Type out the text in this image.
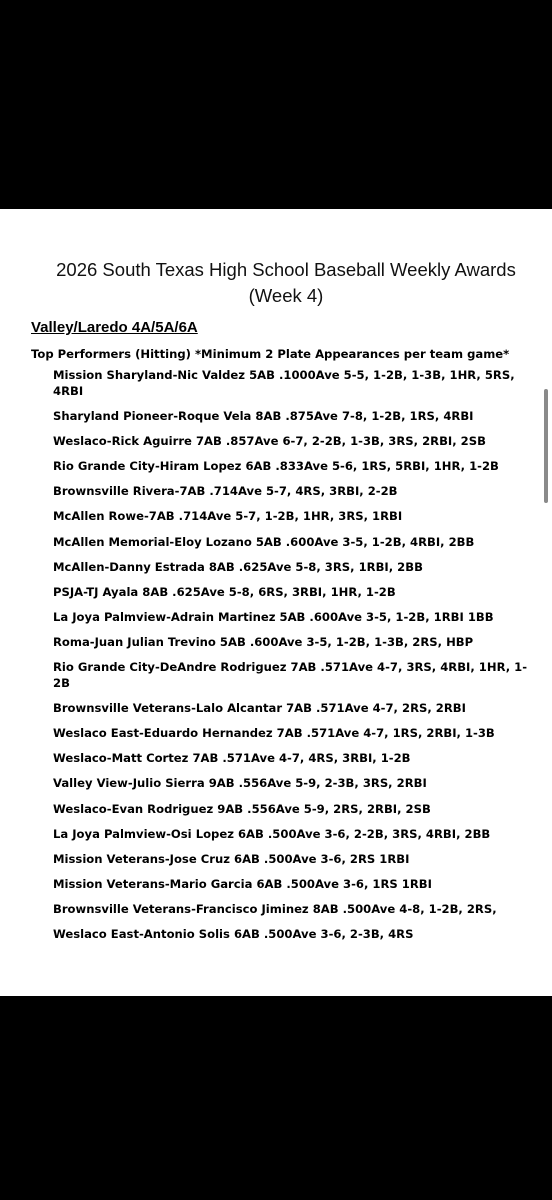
2026 South Texas High School Baseball Weekly Awards
(Week 4)
Valley/Laredo 4A/5A/6A
Top Performers (Hitting) *Minimum 2 Plate Appearances per team game*
Mission Sharyland-Nic Valdez 5AB .1000Ave 5-5, 1-2B, 1-3B, 1HR, 5RS, 4RBI
Sharyland Pioneer-Roque Vela 8AB .875Ave 7-8, 1-2B, 1RS, 4RBI
Weslaco-Rick Aguirre 7AB .857Ave 6-7, 2-2B, 1-3B, 3RS, 2RBI, 2SB
Rio Grande City-Hiram Lopez 6AB .833Ave 5-6, 1RS, 5RBI, 1HR, 1-2B
Brownsville Rivera-7AB .714Ave 5-7, 4RS, 3RBI, 2-2B
McAllen Rowe-7AB .714Ave 5-7, 1-2B, 1HR, 3RS, 1RBI
McAllen Memorial-Eloy Lozano 5AB .600Ave 3-5, 1-2B, 4RBI, 2BB
McAllen-Danny Estrada 8AB .625Ave 5-8, 3RS, 1RBI, 2BB
PSJA-TJ Ayala 8AB .625Ave 5-8, 6RS, 3RBI, 1HR, 1-2B
La Joya Palmview-Adrain Martinez 5AB .600Ave 3-5, 1-2B, 1RBI 1BB
Roma-Juan Julian Trevino 5AB .600Ave 3-5, 1-2B, 1-3B, 2RS, HBP
Rio Grande City-DeAndre Rodriguez 7AB .571Ave 4-7, 3RS, 4RBI, 1HR, 1-2B
Brownsville Veterans-Lalo Alcantar 7AB .571Ave 4-7, 2RS, 2RBI
Weslaco East-Eduardo Hernandez 7AB .571Ave 4-7, 1RS, 2RBI, 1-3B
Weslaco-Matt Cortez 7AB .571Ave 4-7, 4RS, 3RBI, 1-2B
Valley View-Julio Sierra 9AB .556Ave 5-9, 2-3B, 3RS, 2RBI
Weslaco-Evan Rodriguez 9AB .556Ave 5-9, 2RS, 2RBI, 2SB
La Joya Palmview-Osi Lopez 6AB .500Ave 3-6, 2-2B, 3RS, 4RBI, 2BB
Mission Veterans-Jose Cruz 6AB .500Ave 3-6, 2RS 1RBI
Mission Veterans-Mario Garcia 6AB .500Ave 3-6, 1RS 1RBI
Brownsville Veterans-Francisco Jiminez 8AB .500Ave 4-8, 1-2B, 2RS,
Weslaco East-Antonio Solis 6AB .500Ave 3-6, 2-3B, 4RS
